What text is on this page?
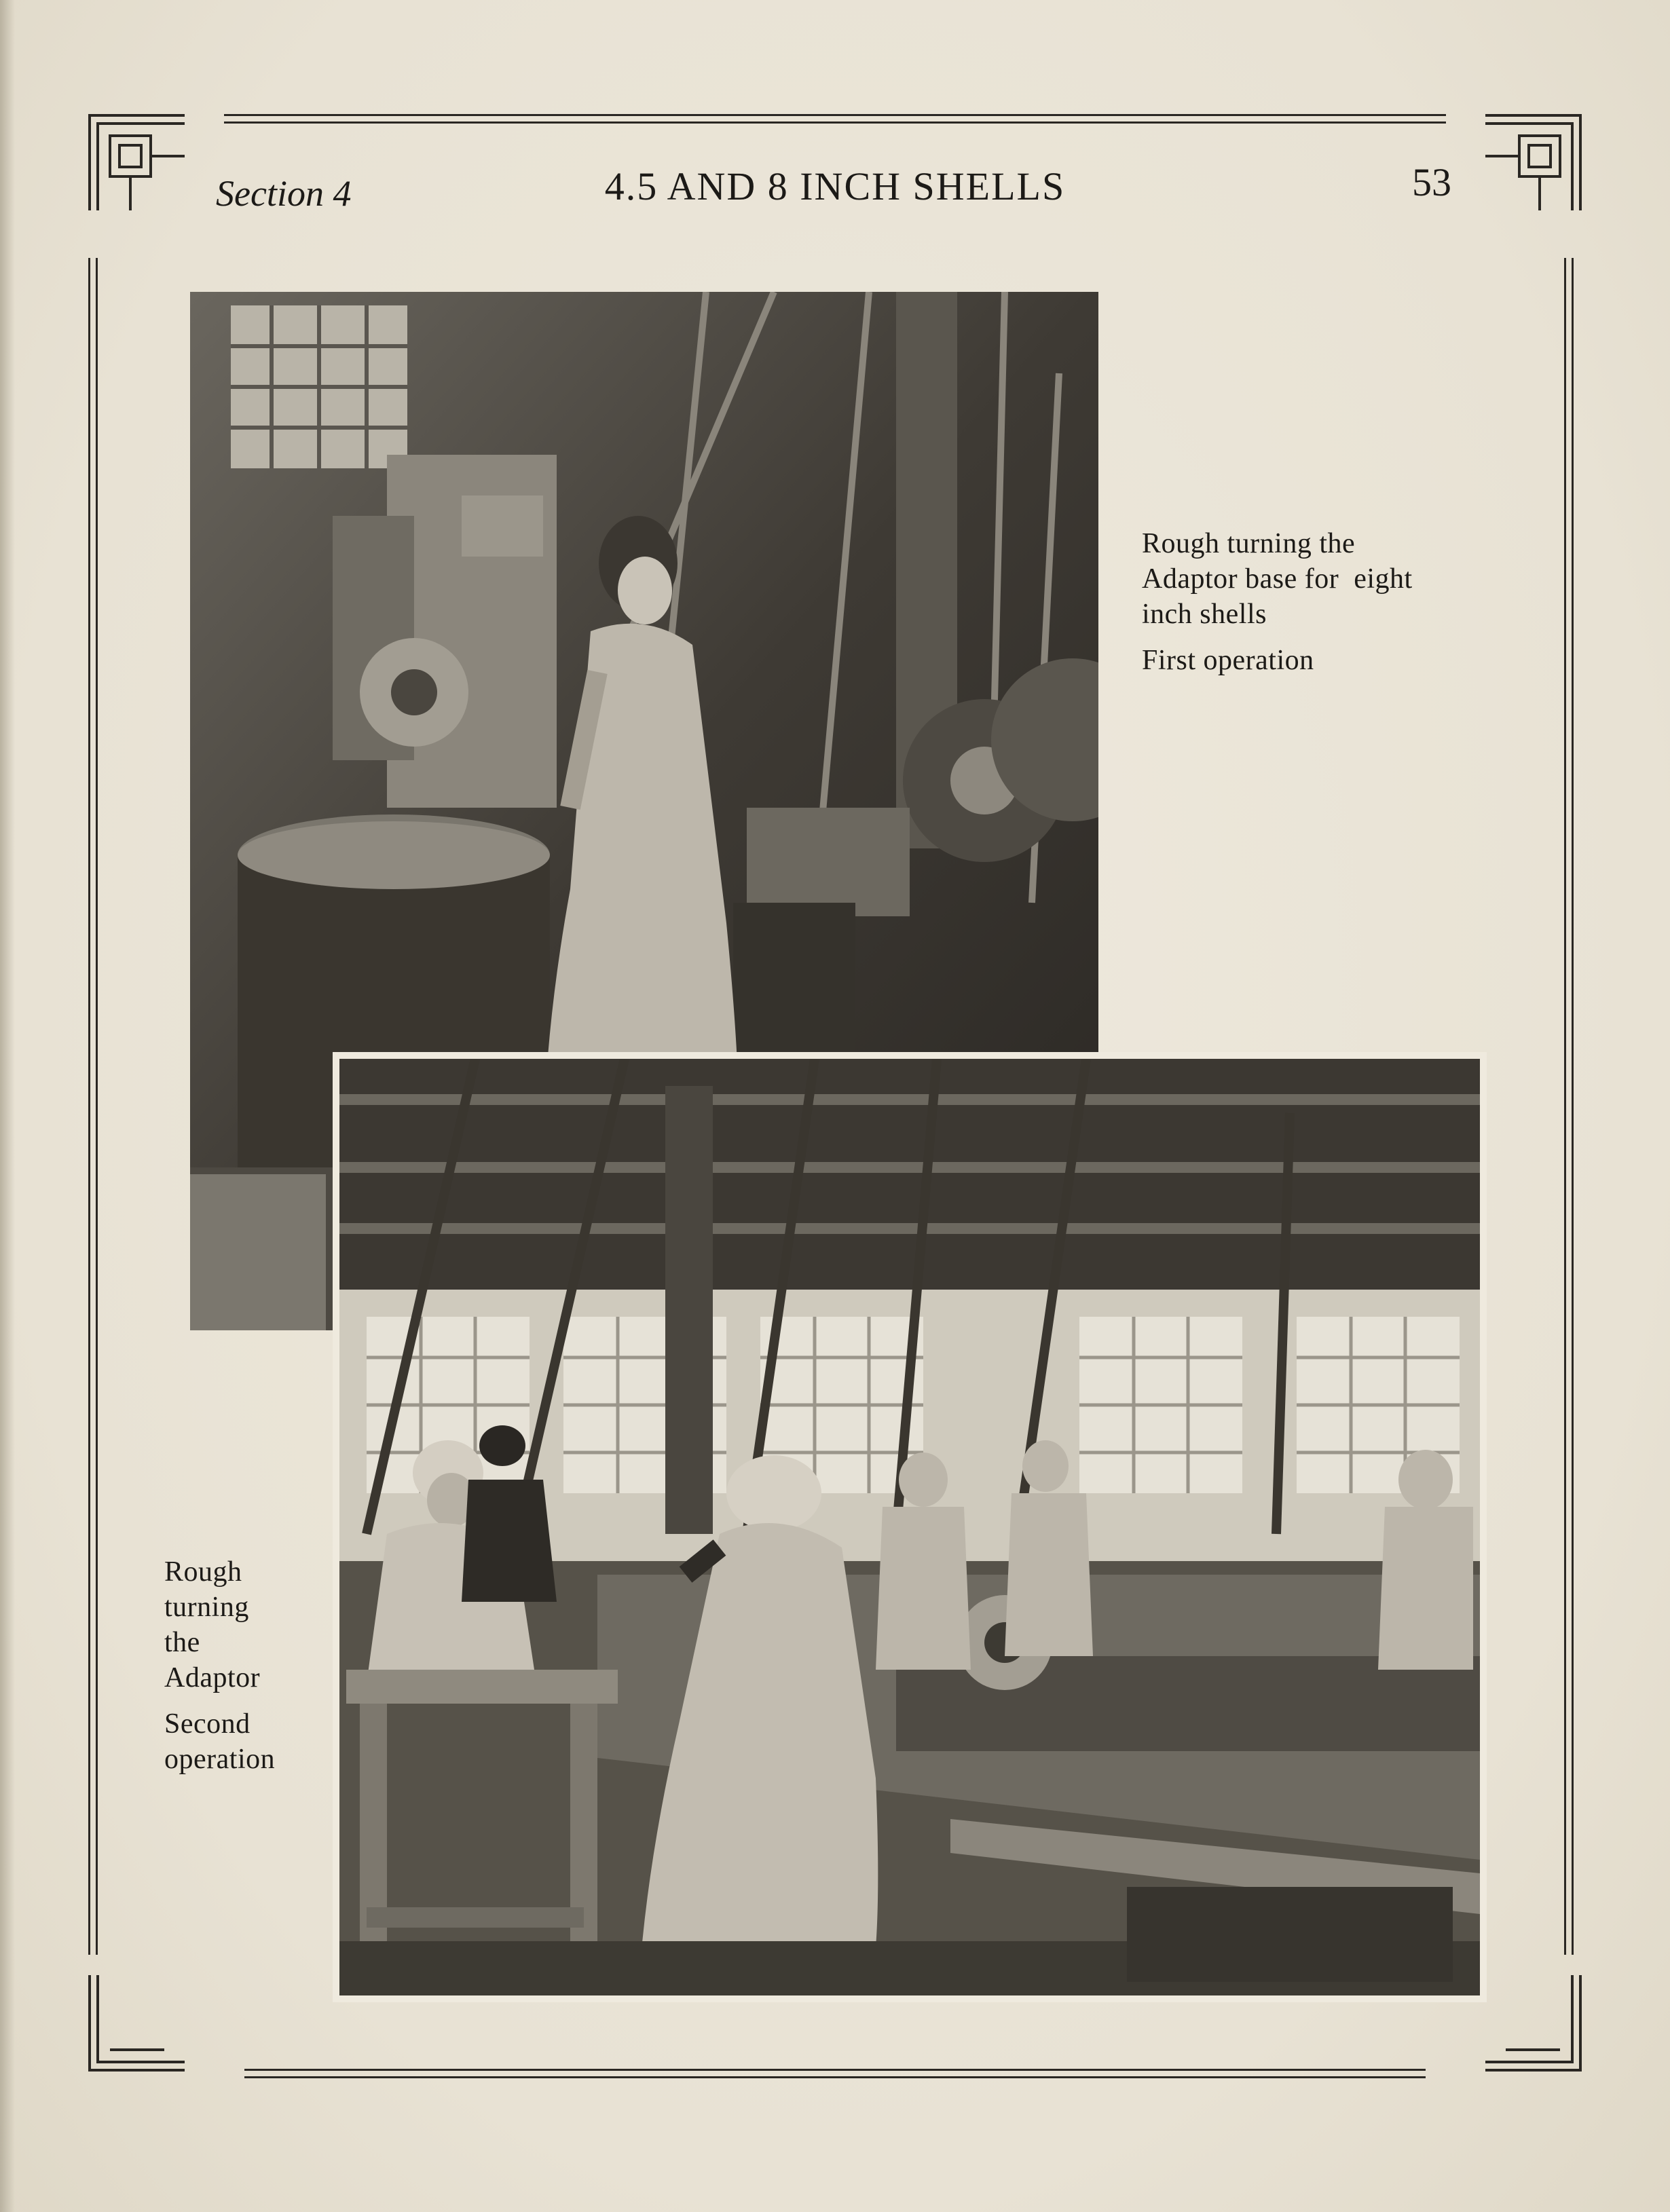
Section 4	4.5 AND 8 INCH SHELLS	53
Rough turning the
Adaptor base for  eight
inch shells
First operation
Rough
turning
the
Adaptor
Second operation
